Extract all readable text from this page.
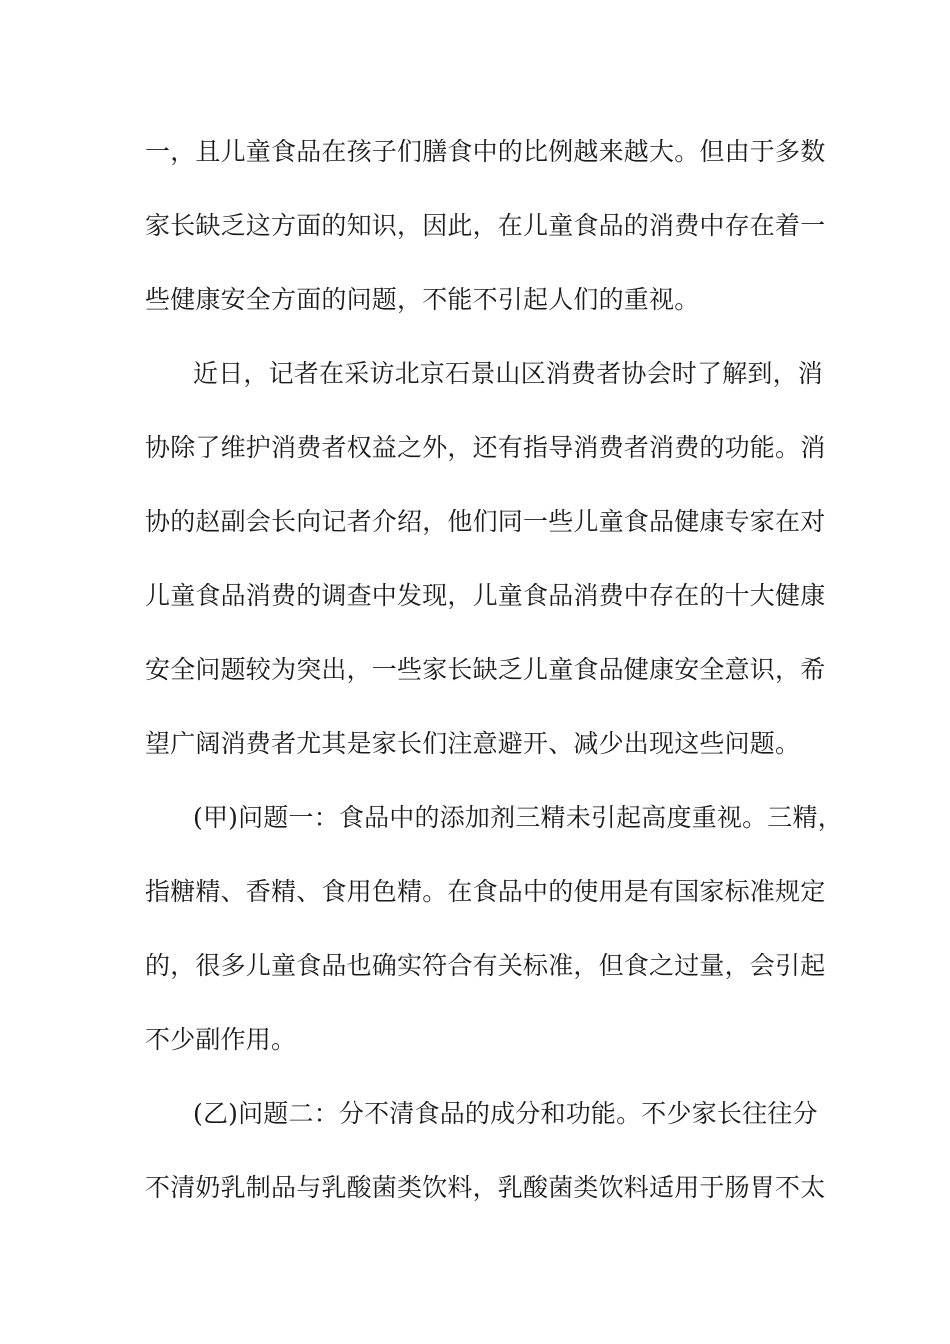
一，且儿童食品在孩子们膳食中的比例越来越大。但由于多数
家长缺乏这方面的知识，因此，在儿童食品的消费中存在着一
些健康安全方面的问题，不能不引起人们的重视。
近日，记者在采访北京石景山区消费者协会时了解到，消
协除了维护消费者权益之外，还有指导消费者消费的功能。消
协的赵副会长向记者介绍，他们同一些儿童食品健康专家在对
儿童食品消费的调查中发现，儿童食品消费中存在的十大健康
安全问题较为突出，一些家长缺乏儿童食品健康安全意识，希
望广阔消费者尤其是家长们注意避开、减少出现这些问题。
(甲)问题一：食品中的添加剂三精未引起高度重视。三精，
指糖精、香精、食用色精。在食品中的使用是有国家标准规定
的，很多儿童食品也确实符合有关标准，但食之过量，会引起
不少副作用。
(乙)问题二：分不清食品的成分和功能。不少家长往往分
不清奶乳制品与乳酸菌类饮料，乳酸菌类饮料适用于肠胃不太
